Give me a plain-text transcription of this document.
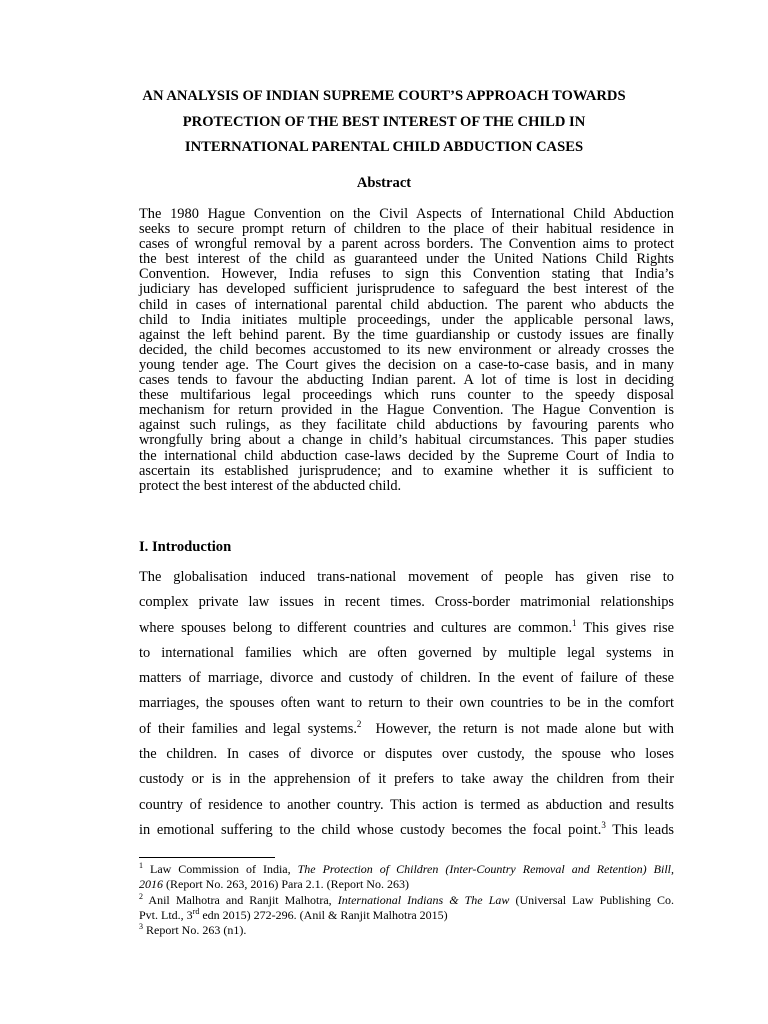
AN ANALYSIS OF INDIAN SUPREME COURT’S APPROACH TOWARDS
PROTECTION OF THE BEST INTEREST OF THE CHILD IN
INTERNATIONAL PARENTAL CHILD ABDUCTION CASES
Abstract
The 1980 Hague Convention on the Civil Aspects of International Child Abduction
seeks to secure prompt return of children to the place of their habitual residence in
cases of wrongful removal by a parent across borders. The Convention aims to protect
the best interest of the child as guaranteed under the United Nations Child Rights
Convention. However, India refuses to sign this Convention stating that India’s
judiciary has developed sufficient jurisprudence to safeguard the best interest of the
child in cases of international parental child abduction. The parent who abducts the
child to India initiates multiple proceedings, under the applicable personal laws,
against the left behind parent. By the time guardianship or custody issues are finally
decided, the child becomes accustomed to its new environment or already crosses the
young tender age. The Court gives the decision on a case-to-case basis, and in many
cases tends to favour the abducting Indian parent. A lot of time is lost in deciding
these multifarious legal proceedings which runs counter to the speedy disposal
mechanism for return provided in the Hague Convention. The Hague Convention is
against such rulings, as they facilitate child abductions by favouring parents who
wrongfully bring about a change in child’s habitual circumstances. This paper studies
the international child abduction case-laws decided by the Supreme Court of India to
ascertain its established jurisprudence; and to examine whether it is sufficient to
protect the best interest of the abducted child.
I. Introduction
The globalisation induced trans-national movement of people has given rise to
complex private law issues in recent times. Cross-border matrimonial relationships
where spouses belong to different countries and cultures are common.$^1$ This gives rise
to international families which are often governed by multiple legal systems in
matters of marriage, divorce and custody of children. In the event of failure of these
marriages, the spouses often want to return to their own countries to be in the comfort
of their families and legal systems.$^2$  However, the return is not made alone but with
the children. In cases of divorce or disputes over custody, the spouse who loses
custody or is in the apprehension of it prefers to take away the children from their
country of residence to another country. This action is termed as abduction and results
in emotional suffering to the child whose custody becomes the focal point.$^3$ This leads
$^1$ Law Commission of India, The Protection of Children (Inter-Country Removal and Retention) Bill,
2016 (Report No. 263, 2016) Para 2.1. (Report No. 263)
$^2$ Anil Malhotra and Ranjit Malhotra, International Indians & The Law (Universal Law Publishing Co.
Pvt. Ltd., 3rd edn 2015) 272-296. (Anil & Ranjit Malhotra 2015)
$^3$ Report No. 263 (n1).
